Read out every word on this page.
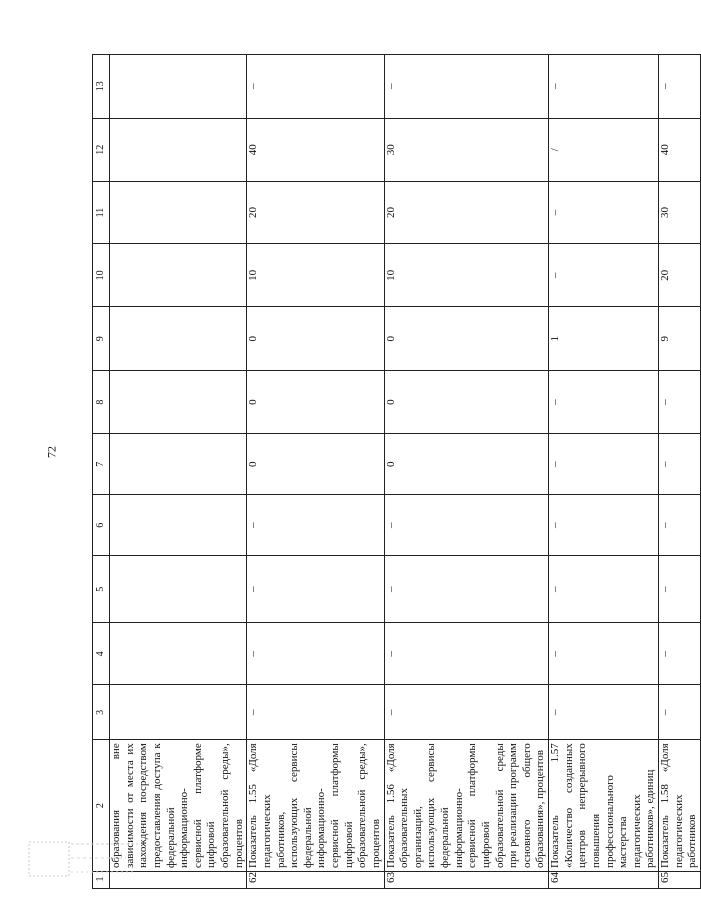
72
1	2	3	4	5	6	7	8	9	10	11	12	13
	образования вне зависимости от места их нахождения посредством предоставления доступа к федеральной информационно-сервисной платформе цифровой образовательной среды», процентов											
62	Показатель 1.55 «Доля педагогических работников, использующих сервисы федеральной информационно-сервисной платформы цифровой образовательной среды», процентов	–	–	–	–	0	0	0	10	20	40	–
63	Показатель 1.56 «Доля образовательных организаций, использующих сервисы федеральной информационно-сервисной платформы цифровой образовательной среды при реализации программ основного общего образования», процентов	–	–	–	–	0	0	0	10	20	30	–
64	Показатель 1.57 «Количество созданных центров непрерывного повышения профессионального мастерства педагогических работников», единиц	–	–	–	–	–	–	1	–	–	/	–
65	Показатель 1.58 «Доля педагогических работников	–	–	–	–	–	–	9	20	30	40	–
